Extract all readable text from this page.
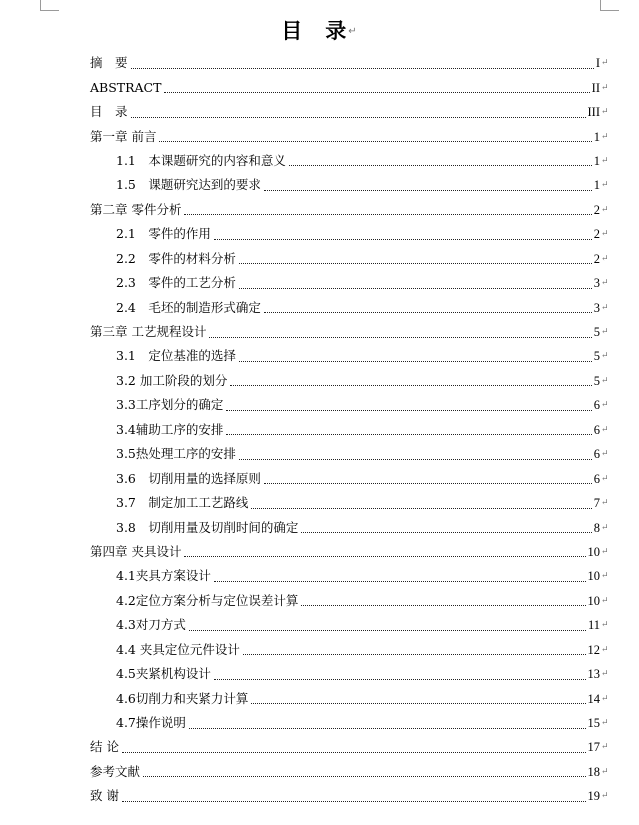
目　录↵
摘　要	I ↵
ABSTRACT	II ↵
目　录	III ↵
第一章 前言	1 ↵
1.1　本课题研究的内容和意义	1 ↵
1.5　课题研究达到的要求	1 ↵
第二章 零件分析	2 ↵
2.1　零件的作用	2 ↵
2.2　零件的材料分析	2 ↵
2.3　零件的工艺分析	3 ↵
2.4　毛坯的制造形式确定	3 ↵
第三章 工艺规程设计	5 ↵
3.1　定位基准的选择	5 ↵
3.2 加工阶段的划分	5 ↵
3.3工序划分的确定	6 ↵
3.4辅助工序的安排	6 ↵
3.5热处理工序的安排	6 ↵
3.6　切削用量的选择原则	6 ↵
3.7　制定加工工艺路线	7 ↵
3.8　切削用量及切削时间的确定	8 ↵
第四章 夹具设计	10 ↵
4.1夹具方案设计	10 ↵
4.2定位方案分析与定位误差计算	10 ↵
4.3对刀方式	11 ↵
4.4 夹具定位元件设计	12 ↵
4.5夹紧机构设计	13 ↵
4.6切削力和夹紧力计算	14 ↵
4.7操作说明	15 ↵
结 论	17 ↵
参考文献	18 ↵
致 谢	19 ↵
